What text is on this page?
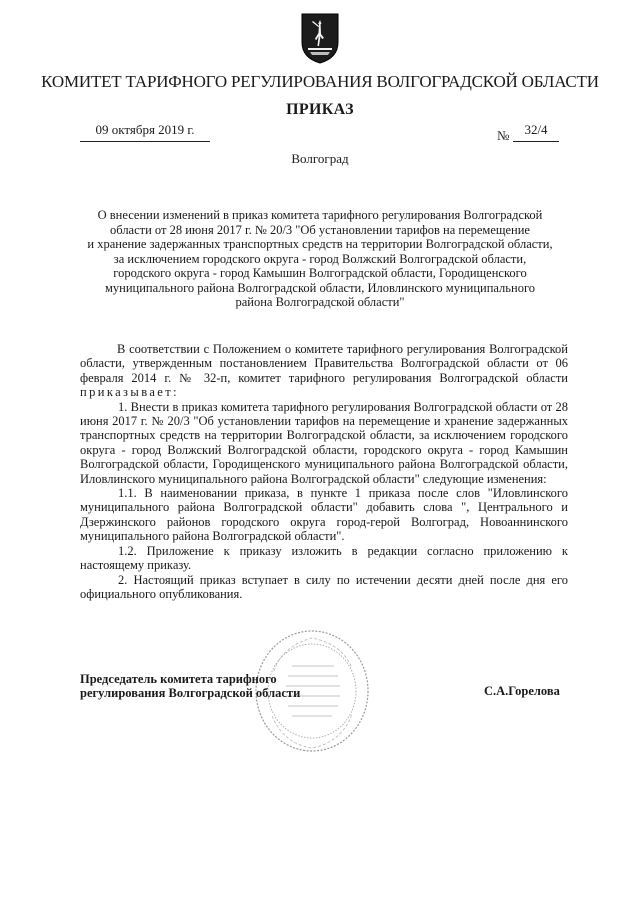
КОМИТЕТ ТАРИФНОГО РЕГУЛИРОВАНИЯ ВОЛГОГРАДСКОЙ ОБЛАСТИ
ПРИКАЗ
09 октября 2019 г.	№	32/4
Волгоград
О внесении изменений в приказ комитета тарифного регулирования Волгоградской
области от 28 июня 2017 г. № 20/3 "Об установлении тарифов на перемещение
и хранение задержанных транспортных средств на территории Волгоградской области,
за исключением городского округа - город Волжский Волгоградской области,
городского округа - город Камышин Волгоградской области, Городищенского
муниципального района Волгоградской области, Иловлинского муниципального
района Волгоградской области"

В соответствии с Положением о комитете тарифного регулирования Волгоградской области, утвержденным постановлением Правительства Волгоградской области от 06 февраля 2014 г. № 32-п, комитет тарифного регулирования Волгоградской области приказывает:

1. Внести в приказ комитета тарифного регулирования Волгоградской области от 28 июня 2017 г. № 20/3 "Об установлении тарифов на перемещение и хранение задержанных транспортных средств на территории Волгоградской области, за исключением городского округа - город Волжский Волгоградской области, городского округа - город Камышин Волгоградской области, Городищенского муниципального района Волгоградской области, Иловлинского муниципального района Волгоградской области" следующие изменения:

1.1. В наименовании приказа, в пункте 1 приказа после слов "Иловлинского муниципального района Волгоградской области" добавить слова ", Центрального и Дзержинского районов городского округа город-герой Волгоград, Новоаннинского муниципального района Волгоградской области".

1.2. Приложение к приказу изложить в редакции согласно приложению к настоящему приказу.

2. Настоящий приказ вступает в силу по истечении десяти дней после дня его официального опубликования.

Председатель комитета тарифного
регулирования Волгоградской области	С.А.Горелова
